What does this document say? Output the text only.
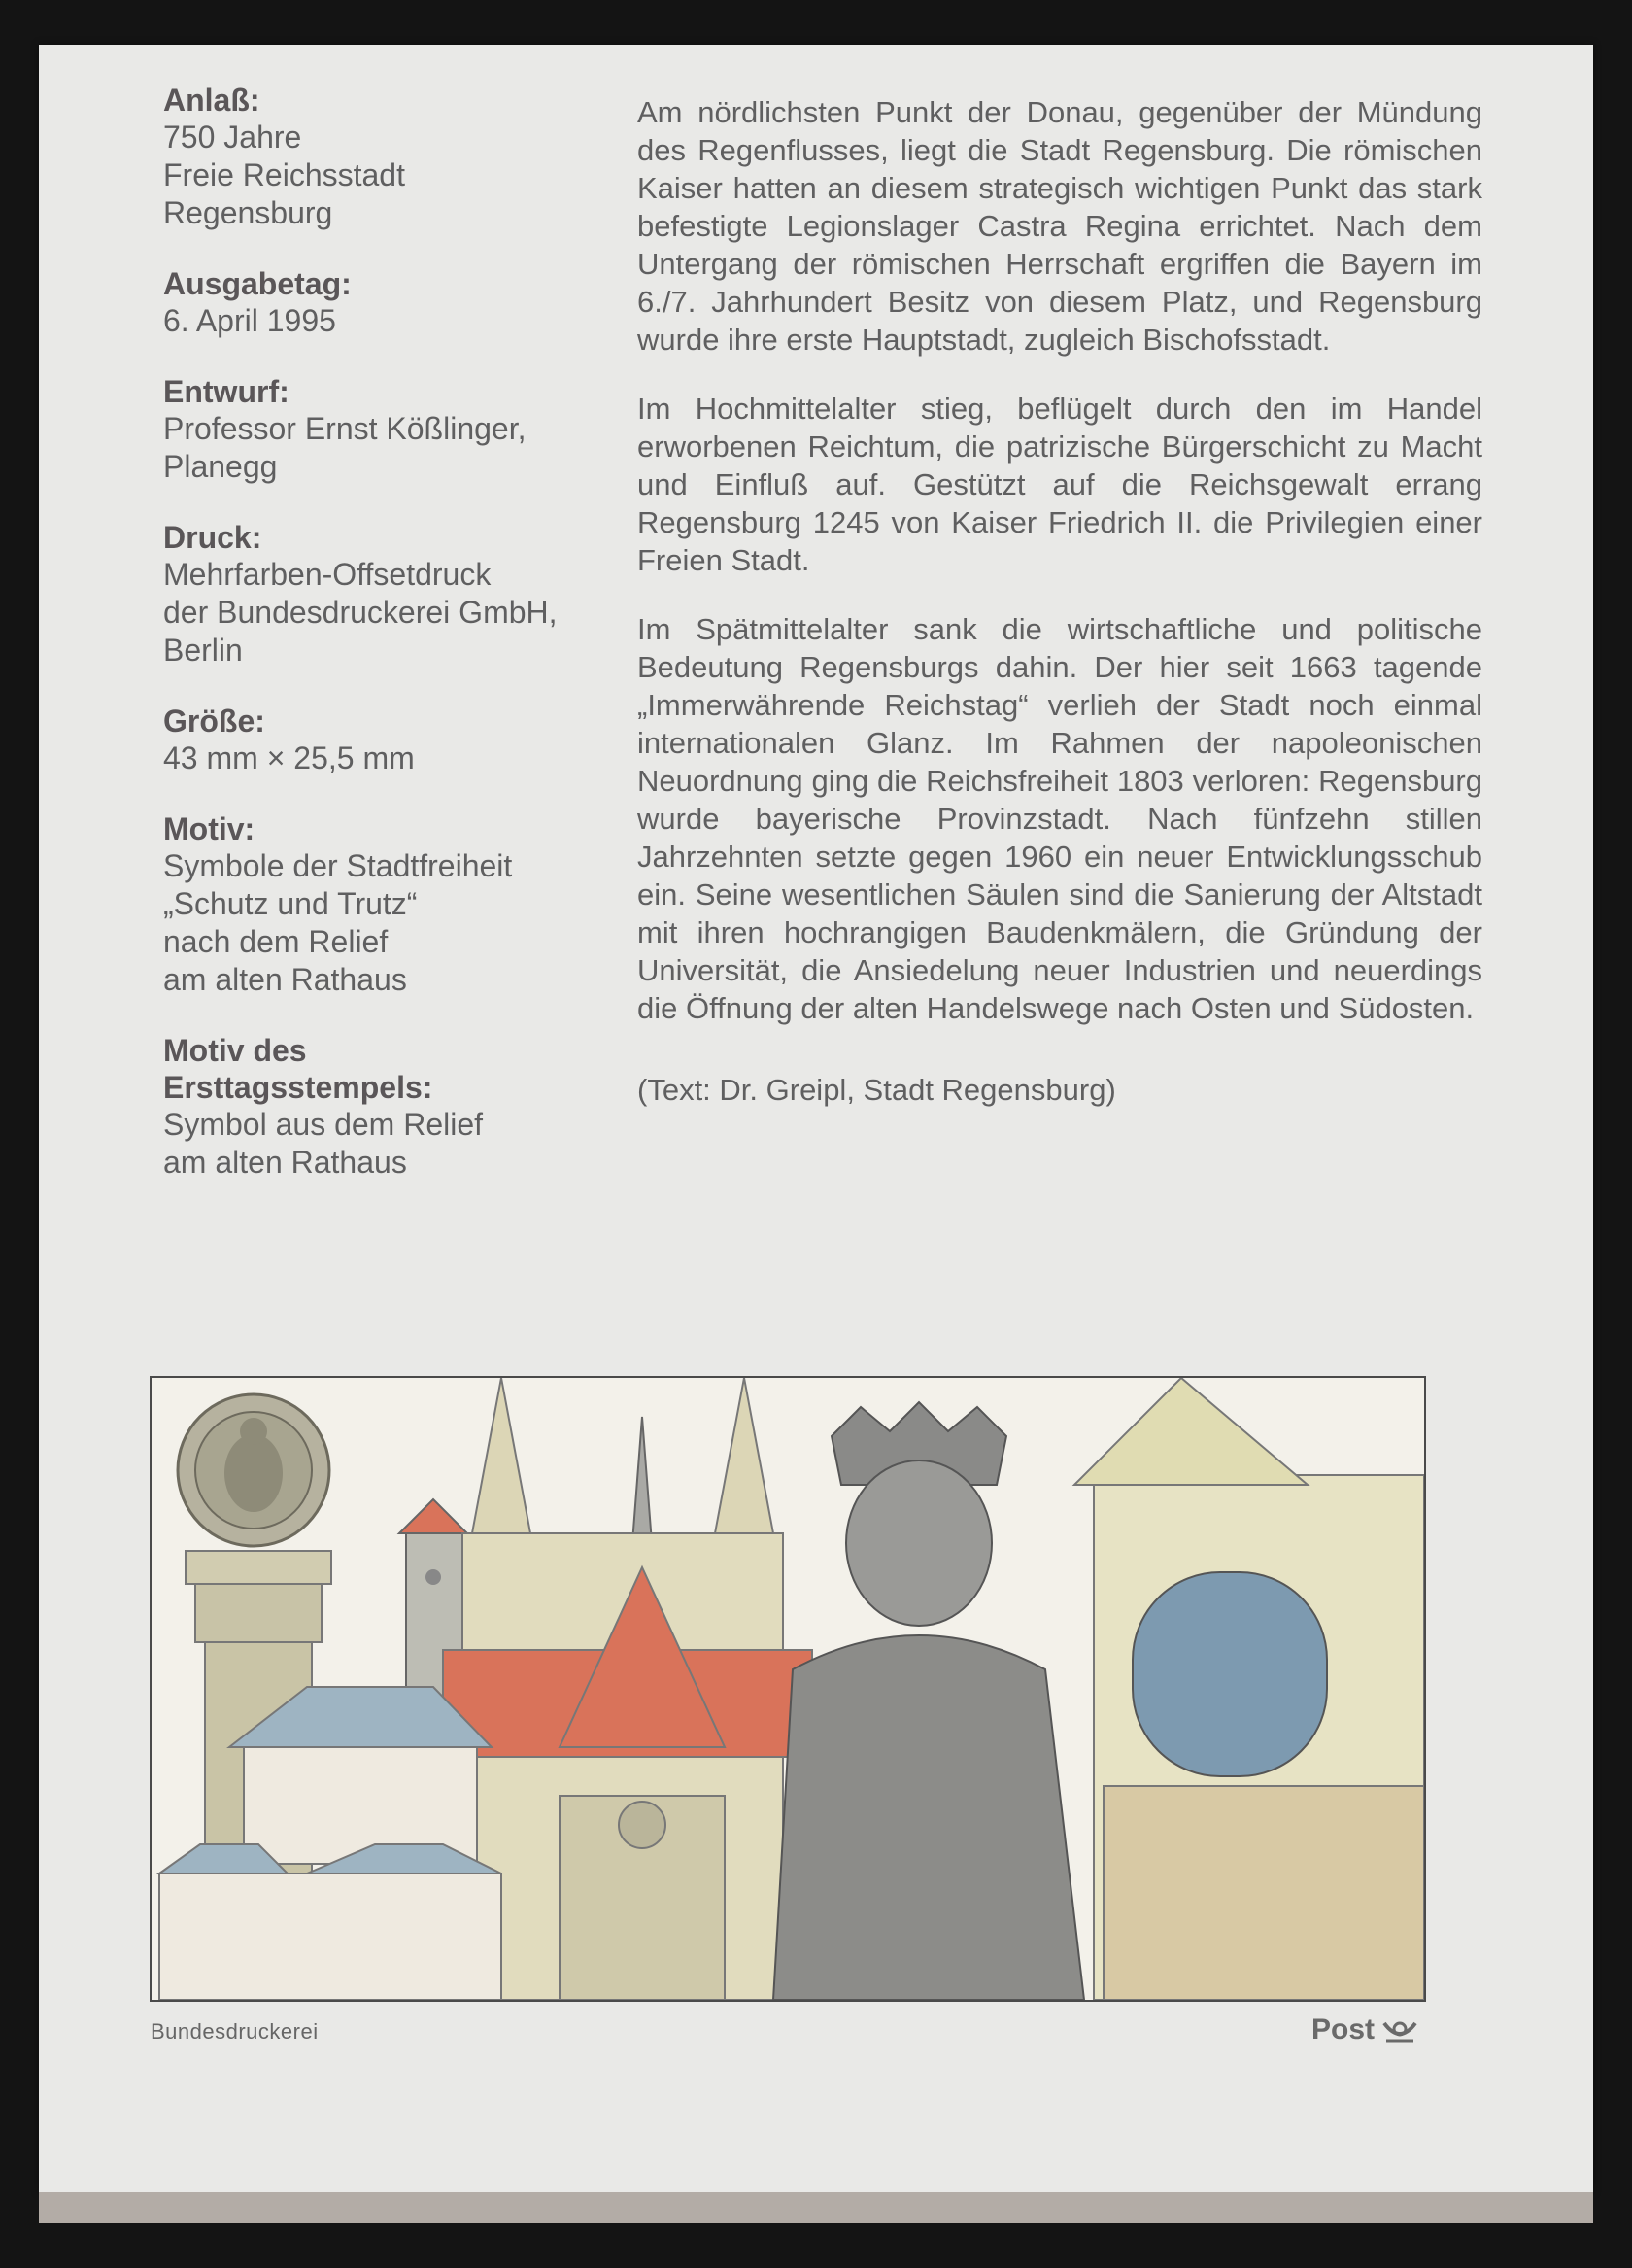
Anlaß:
750 Jahre
Freie Reichsstadt
Regensburg
Ausgabetag:
6. April 1995
Entwurf:
Professor Ernst Kößlinger,
Planegg
Druck:
Mehrfarben-Offsetdruck
der Bundesdruckerei GmbH,
Berlin
Größe:
43 mm × 25,5 mm
Motiv:
Symbole der Stadtfreiheit
„Schutz und Trutz“
nach dem Relief
am alten Rathaus
Motiv des
Ersttagsstempels:
Symbol aus dem Relief
am alten Rathaus

Am nördlichsten Punkt der Donau, gegenüber der Mündung des Regenflusses, liegt die Stadt Regensburg. Die römischen Kaiser hatten an diesem strategisch wichtigen Punkt das stark befestigte Legionslager Castra Regina errichtet. Nach dem Untergang der römischen Herrschaft ergriffen die Bayern im 6./7. Jahrhundert Besitz von diesem Platz, und Regensburg wurde ihre erste Hauptstadt, zugleich Bischofsstadt.

Im Hochmittelalter stieg, beflügelt durch den im Handel erworbenen Reichtum, die patrizische Bürgerschicht zu Macht und Einfluß auf. Gestützt auf die Reichsgewalt errang Regensburg 1245 von Kaiser Friedrich II. die Privilegien einer Freien Stadt.

Im Spätmittelalter sank die wirtschaftliche und politische Bedeutung Regensburgs dahin. Der hier seit 1663 tagende „Immerwährende Reichstag“ verlieh der Stadt noch einmal internationalen Glanz. Im Rahmen der napoleonischen Neuordnung ging die Reichsfreiheit 1803 verloren: Regensburg wurde bayerische Provinzstadt. Nach fünfzehn stillen Jahrzehnten setzte gegen 1960 ein neuer Entwicklungsschub ein. Seine wesentlichen Säulen sind die Sanierung der Altstadt mit ihren hochrangigen Baudenkmälern, die Gründung der Universität, die Ansiedelung neuer Industrien und neuerdings die Öffnung der alten Handelswege nach Osten und Südosten.

(Text: Dr. Greipl, Stadt Regensburg)
Bundesdruckerei	Post
